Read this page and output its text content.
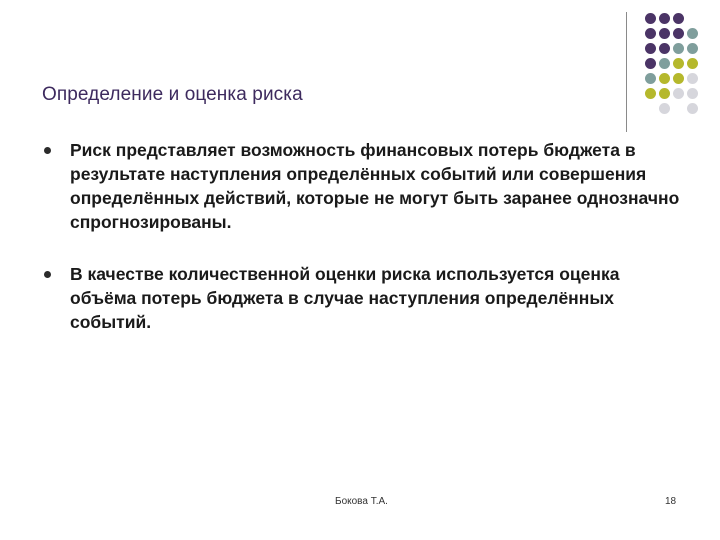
Определение и оценка риска
Риск представляет возможность финансовых потерь бюджета в результате наступления определённых событий или совершения определённых действий, которые не могут быть заранее однозначно спрогнозированы.
В качестве количественной оценки риска используется оценка объёма потерь бюджета в случае наступления определённых событий.
Бокова Т.А.	18
